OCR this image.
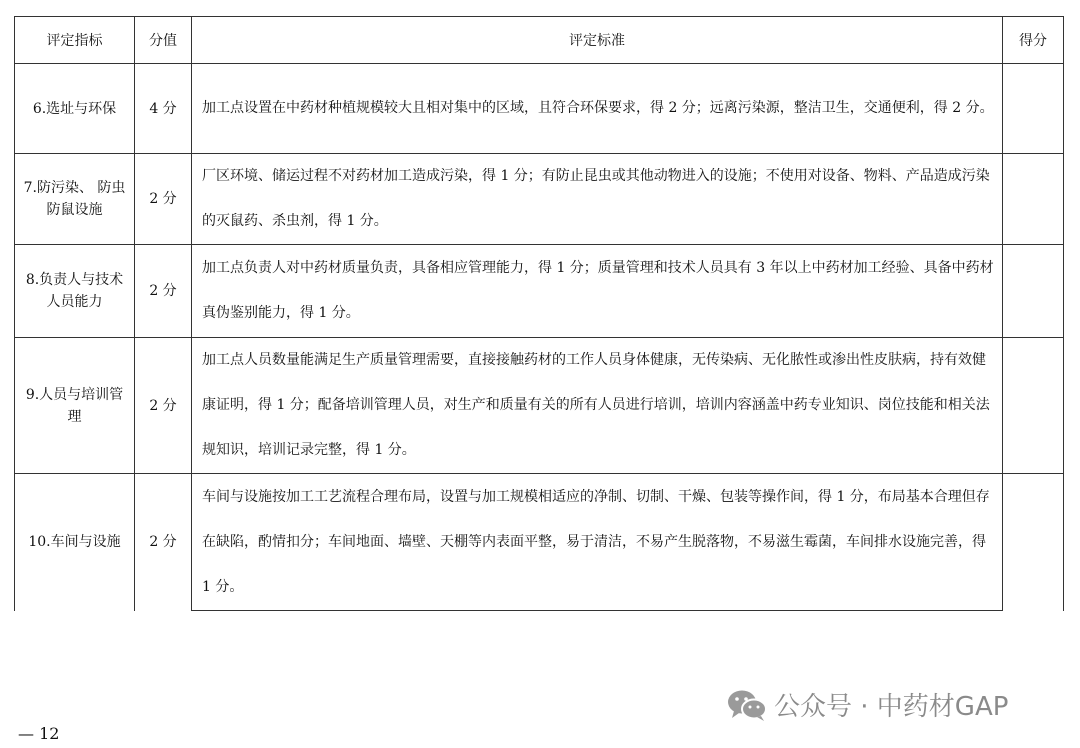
评定指标	分值	评定标准	得分
6.选址与环保	4 分	加工点设置在中药材种植规模较大且相对集中的区域，且符合环保要求，得 2 分；远离污染源，整洁卫生，交通便利，得 2 分。	
7.防污染、 防虫防鼠设施	2 分	厂区环境、储运过程不对药材加工造成污染，得 1 分；有防止昆虫或其他动物进入的设施；不使用对设备、物料、产品造成污染的灭鼠药、杀虫剂，得 1 分。	
8.负责人与技术人员能力	2 分	加工点负责人对中药材质量负责，具备相应管理能力，得 1 分；质量管理和技术人员具有 3 年以上中药材加工经验、具备中药材真伪鉴别能力，得 1 分。	
9.人员与培训管理	2 分	加工点人员数量能满足生产质量管理需要，直接接触药材的工作人员身体健康，无传染病、无化脓性或渗出性皮肤病，持有效健康证明，得 1 分；配备培训管理人员，对生产和质量有关的所有人员进行培训，培训内容涵盖中药专业知识、岗位技能和相关法规知识，培训记录完整，得 1 分。	
10.车间与设施	2 分	车间与设施按加工工艺流程合理布局，设置与加工规模相适应的净制、切制、干燥、包装等操作间，得 1 分，布局基本合理但存在缺陷，酌情扣分；车间地面、墙壁、天棚等内表面平整，易于清洁，不易产生脱落物，不易滋生霉菌，车间排水设施完善，得 1 分。	
— 12
公众号 · 中药材GAP
